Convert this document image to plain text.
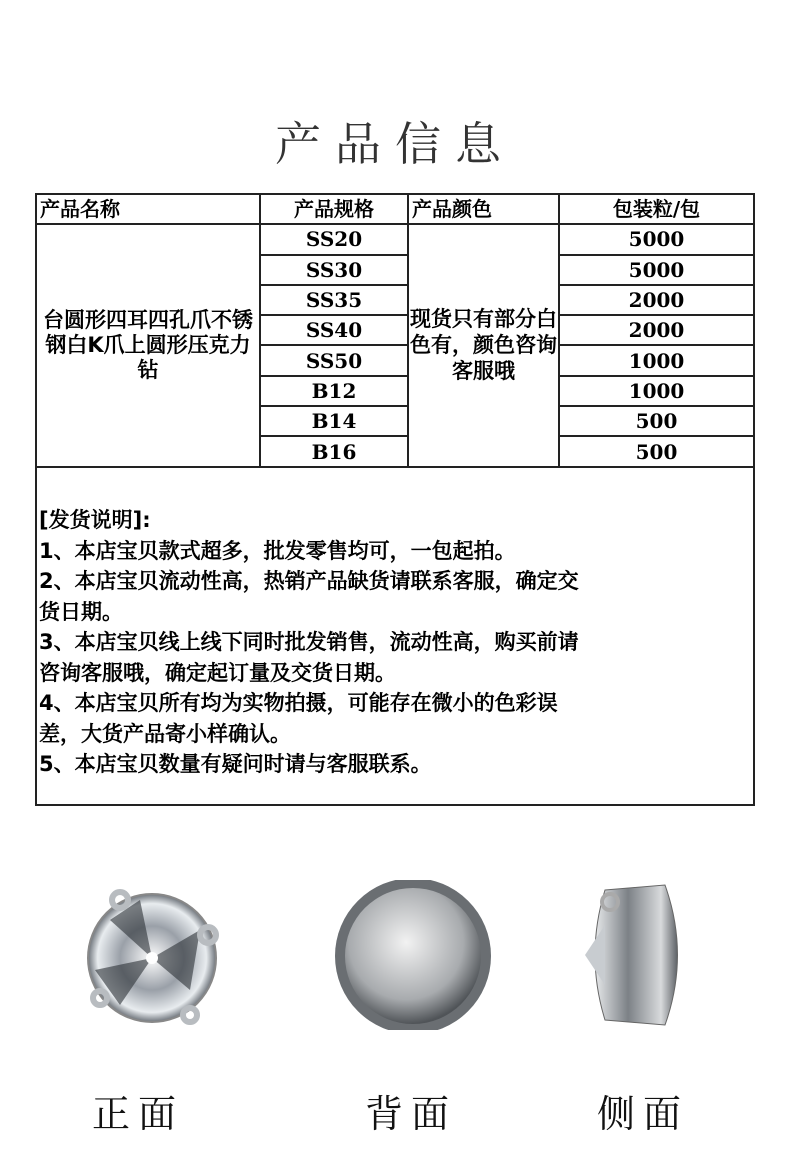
产品信息
产品名称	产品规格	产品颜色	包装粒/包
台圆形四耳四孔爪不锈钢白K爪上圆形压克力钻	SS20	现货只有部分白色有，颜色咨询客服哦	5000
	SS30		5000
	SS35		2000
	SS40		2000
	SS50		1000
	B12		1000
	B14		500
	B16		500
[发货说明]:
1、本店宝贝款式超多，批发零售均可，一包起拍。
2、本店宝贝流动性高，热销产品缺货请联系客服，确定交
货日期。
3、本店宝贝线上线下同时批发销售，流动性高，购买前请
咨询客服哦，确定起订量及交货日期。
4、本店宝贝所有均为实物拍摄，可能存在微小的色彩误
差，大货产品寄小样确认。
5、本店宝贝数量有疑问时请与客服联系。
正面	背面	侧面
